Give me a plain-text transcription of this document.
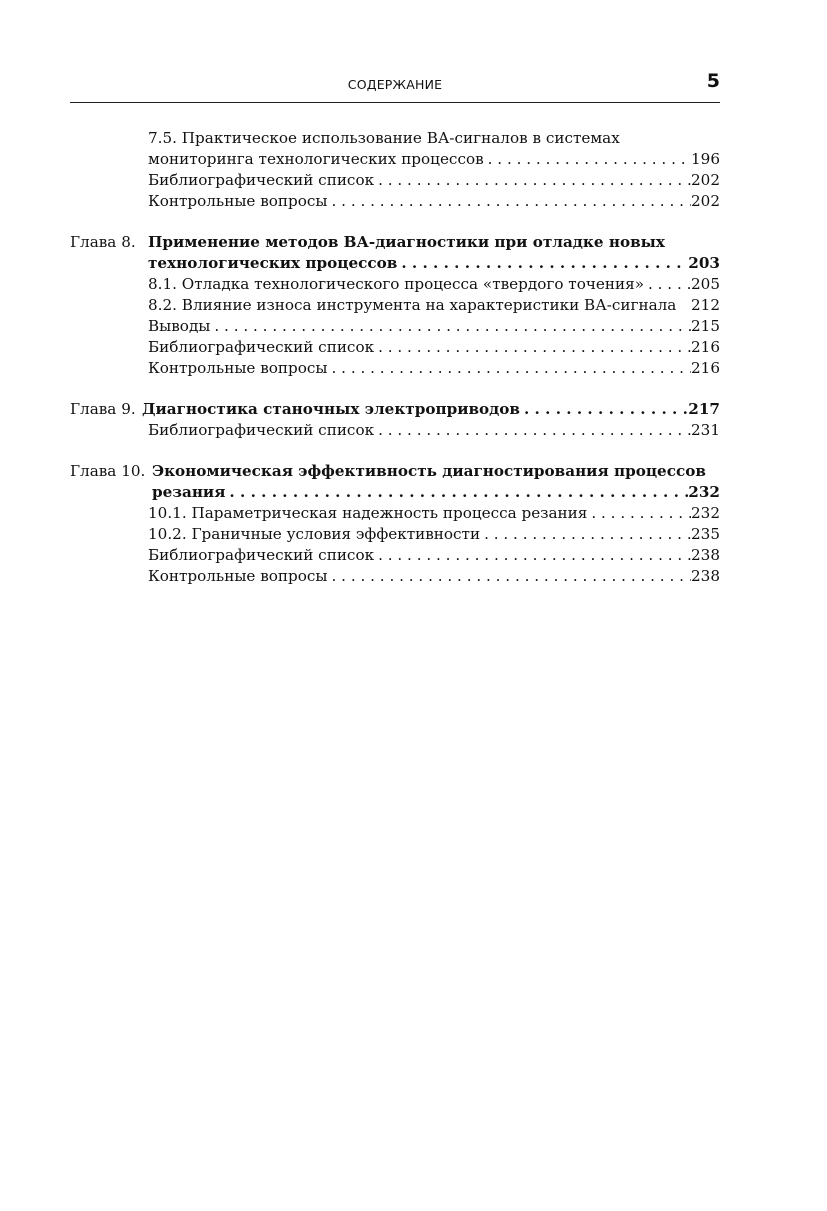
СОДЕРЖАНИЕ	5
7.5. Практическое использование ВА-сигналов в системах
мониторинга технологических процессов . . .	196
Библиографический список . . .	202
Контрольные вопросы . . .	202
Глава 8. Применение методов ВА-диагностики при отладке новых
технологических процессов . . .	203
8.1. Отладка технологического процесса «твердого точения» . . .	205
8.2. Влияние износа инструмента на характеристики ВА-сигнала 212
Выводы . . .	215
Библиографический список . . .	216
Контрольные вопросы . . .	216
Глава 9. Диагностика станочных электроприводов . . .	217
Библиографический список . . .	231
Глава 10. Экономическая эффективность диагностирования процессов
резания . . .	232
10.1. Параметрическая надежность процесса резания . . .	232
10.2. Граничные условия эффективности . . .	235
Библиографический список . . .	238
Контрольные вопросы . . .	238
